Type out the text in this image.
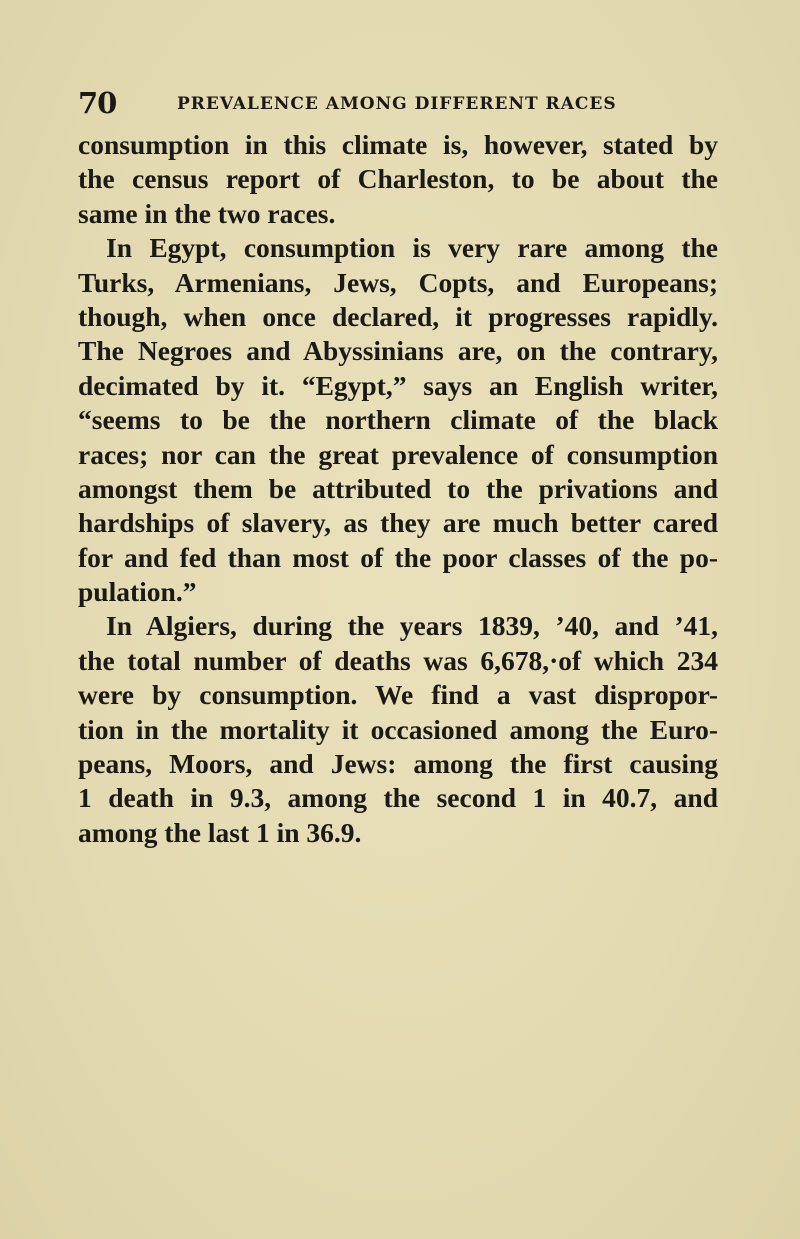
70	PREVALENCE AMONG DIFFERENT RACES
consumption in this climate is, however, stated by
the census report of Charleston, to be about the
same in the two races.
In Egypt, consumption is very rare among the
Turks, Armenians, Jews, Copts, and Europeans;
though, when once declared, it progresses rapidly.
The Negroes and Abyssinians are, on the contrary,
decimated by it. “Egypt,” says an English writer,
“seems to be the northern climate of the black
races; nor can the great prevalence of consumption
amongst them be attributed to the privations and
hardships of slavery, as they are much better cared
for and fed than most of the poor classes of the po-
pulation.”
In Algiers, during the years 1839, ’40, and ’41,
the total number of deaths was 6,678,·of which 234
were by consumption. We find a vast dispropor-
tion in the mortality it occasioned among the Euro-
peans, Moors, and Jews: among the first causing
1 death in 9.3, among the second 1 in 40.7, and
among the last 1 in 36.9.
